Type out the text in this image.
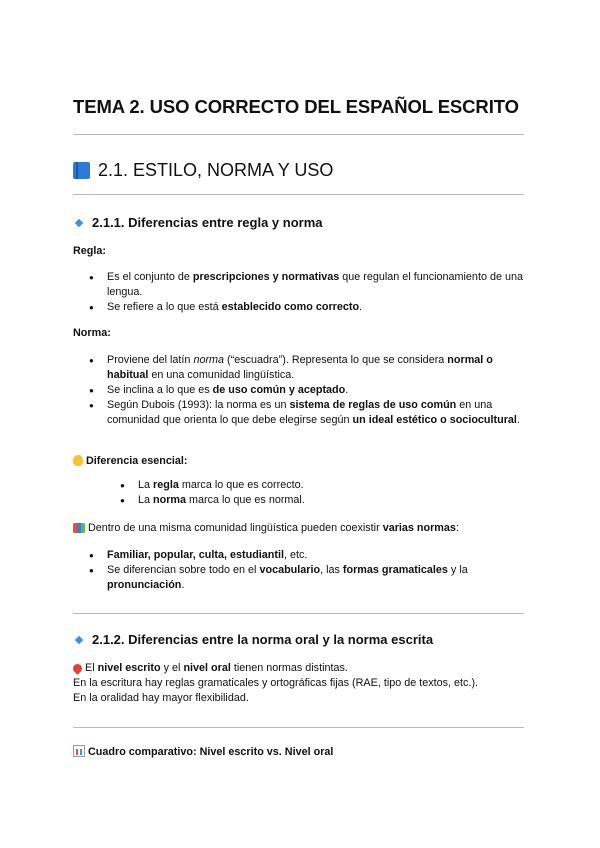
TEMA 2. USO CORRECTO DEL ESPAÑOL ESCRITO
2.1. ESTILO, NORMA Y USO
2.1.1. Diferencias entre regla y norma
Regla:
● Es el conjunto de prescripciones y normativas que regulan el funcionamiento de una lengua.
● Se refiere a lo que está establecido como correcto.
Norma:
● Proviene del latín norma (“escuadra”). Representa lo que se considera normal o habitual en una comunidad lingüística.
● Se inclina a lo que es de uso común y aceptado.
● Según Dubois (1993): la norma es un sistema de reglas de uso común en una comunidad que orienta lo que debe elegirse según un ideal estético o sociocultural.
Diferencia esencial:
● La regla marca lo que es correcto.
● La norma marca lo que es normal.
Dentro de una misma comunidad lingüística pueden coexistir varias normas:
● Familiar, popular, culta, estudiantil, etc.
● Se diferencian sobre todo en el vocabulario, las formas gramaticales y la pronunciación.
2.1.2. Diferencias entre la norma oral y la norma escrita
El nivel escrito y el nivel oral tienen normas distintas.
En la escritura hay reglas gramaticales y ortográficas fijas (RAE, tipo de textos, etc.).
En la oralidad hay mayor flexibilidad.
Cuadro comparativo: Nivel escrito vs. Nivel oral
